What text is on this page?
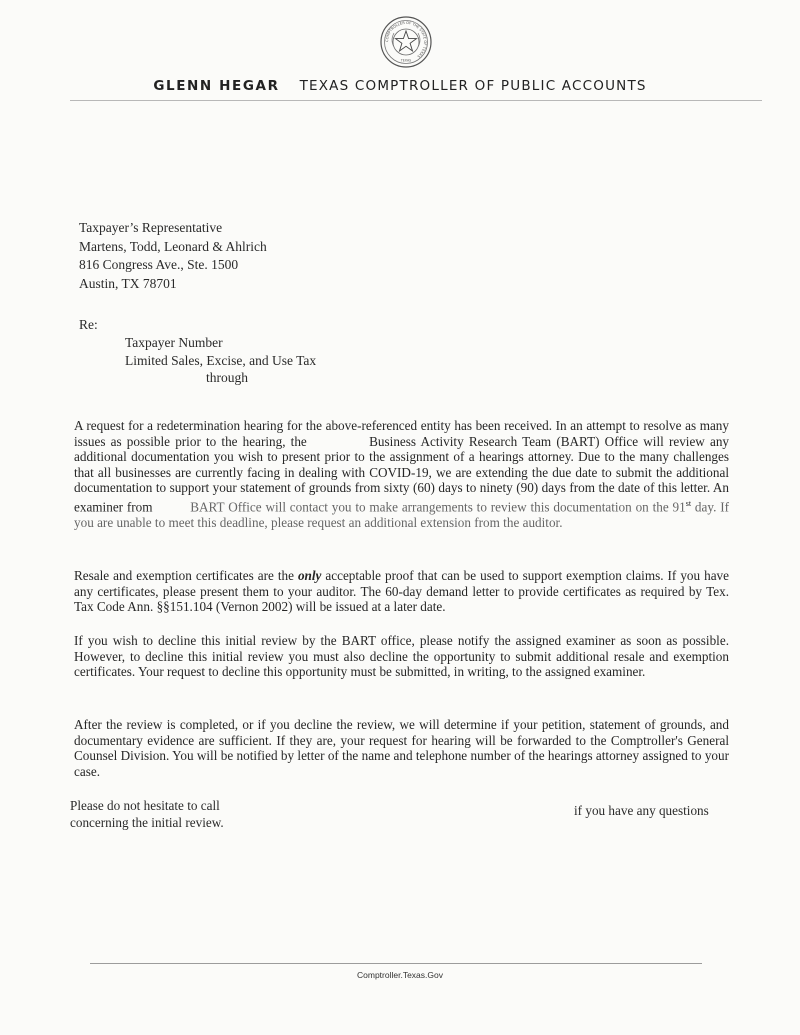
COMPTROLLER OF THE STATE OF TEXAS
TEXAS
GLENN HEGAR TEXAS COMPTROLLER OF PUBLIC ACCOUNTS
Taxpayer’s Representative
Martens, Todd, Leonard & Ahlrich
816 Congress Ave., Ste. 1500
Austin, TX 78701
Re:
Taxpayer Number
Limited Sales, Excise, and Use Tax
through
A request for a redetermination hearing for the above-referenced entity has been received. In an attempt to resolve as many issues as possible prior to the hearing, the	Business Activity Research Team (BART) Office will review any additional documentation you wish to present prior to the assignment of a hearings attorney. Due to the many challenges that all businesses are currently facing in dealing with COVID-19, we are extending the due date to submit the additional documentation to support your statement of grounds from sixty (60) days to ninety (90) days from the date of this letter. An examiner from	BART Office will contact you to make arrangements to review this documentation on the 91st day. If you are unable to meet this deadline, please request an additional extension from the auditor.
Resale and exemption certificates are the only acceptable proof that can be used to support exemption claims. If you have any certificates, please present them to your auditor. The 60-day demand letter to provide certificates as required by Tex. Tax Code Ann. §§151.104 (Vernon 2002) will be issued at a later date.
If you wish to decline this initial review by the BART office, please notify the assigned examiner as soon as possible. However, to decline this initial review you must also decline the opportunity to submit additional resale and exemption certificates. Your request to decline this opportunity must be submitted, in writing, to the assigned examiner.
After the review is completed, or if you decline the review, we will determine if your petition, statement of grounds, and documentary evidence are sufficient. If they are, your request for hearing will be forwarded to the Comptroller's General Counsel Division. You will be notified by letter of the name and telephone number of the hearings attorney assigned to your case.
Please do not hesitate to call
concerning the initial review.
if you have any questions
Comptroller.Texas.Gov
